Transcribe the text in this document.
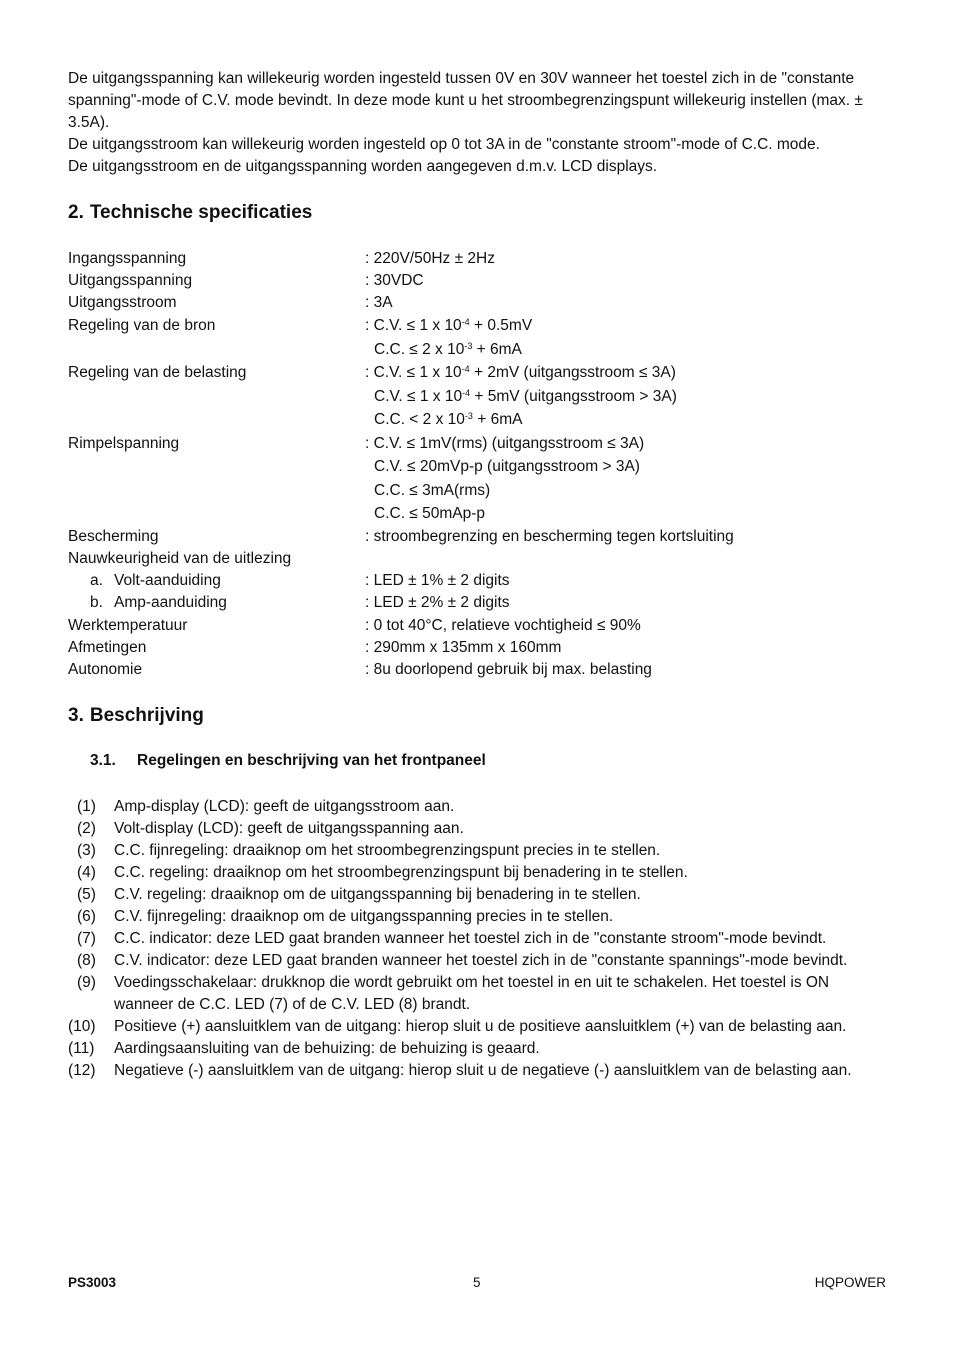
De uitgangsspanning kan willekeurig worden ingesteld tussen 0V en 30V wanneer het toestel zich in de "constante spanning"-mode of C.V. mode bevindt. In deze mode kunt u het stroombegrenzingspunt willekeurig instellen (max. ± 3.5A).

De uitgangsstroom kan willekeurig worden ingesteld op 0 tot 3A in de "constante stroom"-mode of C.C. mode.

De uitgangsstroom en de uitgangsspanning worden aangegeven d.m.v. LCD displays.

2. Technische specificaties
Ingangsspanning	: 220V/50Hz ± 2Hz
Uitgangsspanning	: 30VDC
Uitgangsstroom	: 3A
Regeling van de bron	: C.V. ≤ 1 x $10^{-4} + 0.5mV$
C.C. ≤ 2 x $10^{-3} + 6mA$
Regeling van de belasting	: C.V. ≤ 1 x $10^{-4} + 2mV$ (uitgangsstroom ≤ 3A)
C.V. ≤ 1 x $10^{-4} + 5mV$ (uitgangsstroom > 3A)
C.C. < 2 x $10^{-3} + 6mA$
Rimpelspanning	: C.V. ≤ 1mV(rms) (uitgangsstroom ≤ 3A)
C.V. ≤ 20mVp-p (uitgangsstroom > 3A)
C.C. ≤ 3mA(rms)
C.C. ≤ 50mAp-p
Bescherming	: stroombegrenzing en bescherming tegen kortsluiting
Nauwkeurigheid van de uitlezing
a. Volt-aanduiding	: LED ± 1% ± 2 digits
b. Amp-aanduiding	: LED ± 2% ± 2 digits
Werktemperatuur	: 0 tot 40°C, relatieve vochtigheid ≤ 90%
Afmetingen	: 290mm x 135mm x 160mm
Autonomie	: 8u doorlopend gebruik bij max. belasting
3. Beschrijving
3.1. Regelingen en beschrijving van het frontpaneel
(1)	Amp-display (LCD): geeft de uitgangsstroom aan.
(2)	Volt-display (LCD): geeft de uitgangsspanning aan.
(3)	C.C. fijnregeling: draaiknop om het stroombegrenzingspunt precies in te stellen.
(4)	C.C. regeling: draaiknop om het stroombegrenzingspunt bij benadering in te stellen.
(5)	C.V. regeling: draaiknop om de uitgangsspanning bij benadering in te stellen.
(6)	C.V. fijnregeling: draaiknop om de uitgangsspanning precies in te stellen.
(7)	C.C. indicator: deze LED gaat branden wanneer het toestel zich in de "constante stroom"-mode bevindt.
(8)	C.V. indicator: deze LED gaat branden wanneer het toestel zich in de "constante spannings"-mode bevindt.
(9)	Voedingsschakelaar: drukknop die wordt gebruikt om het toestel in en uit te schakelen. Het toestel is ON wanneer de C.C. LED (7) of de C.V. LED (8) brandt.
(10)	Positieve (+) aansluitklem van de uitgang: hierop sluit u de positieve aansluitklem (+) van de belasting aan.
(11)	Aardingsaansluiting van de behuizing: de behuizing is geaard.
(12)	Negatieve (-) aansluitklem van de uitgang: hierop sluit u de negatieve (-) aansluitklem van de belasting aan.
PS3003	5	HQPOWER
